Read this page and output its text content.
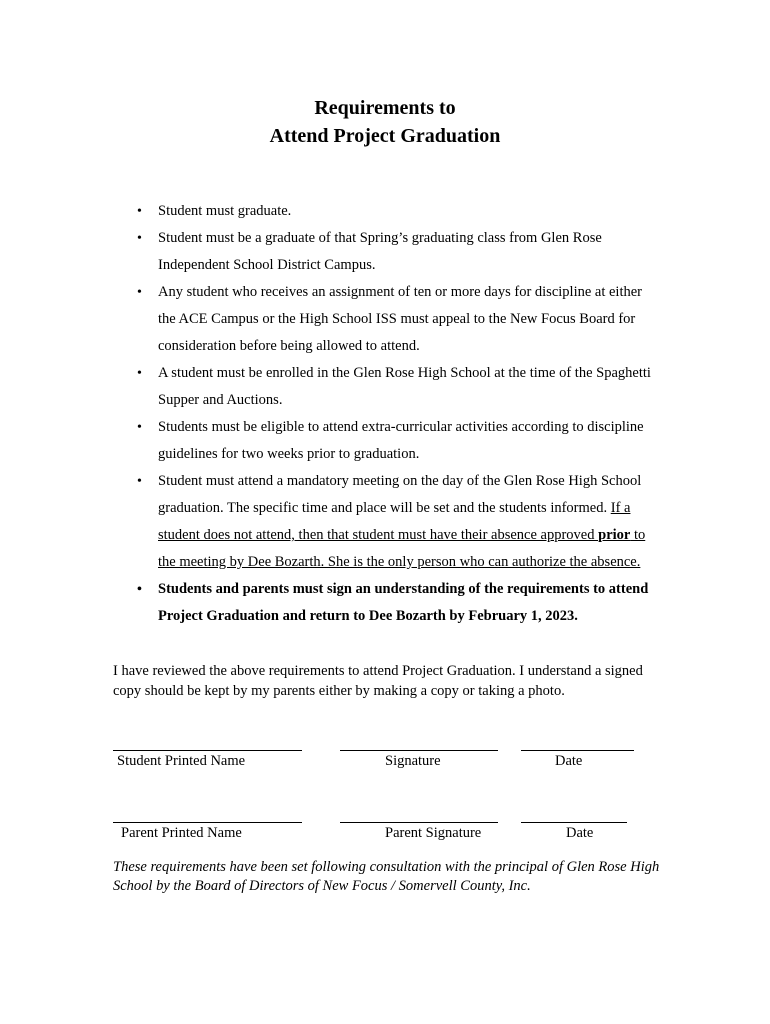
Requirements to
Attend Project Graduation
• Student must graduate.
• Student must be a graduate of that Spring’s graduating class from Glen Rose Independent School District Campus.
• Any student who receives an assignment of ten or more days for discipline at either the ACE Campus or the High School ISS must appeal to the New Focus Board for consideration before being allowed to attend.
• A student must be enrolled in the Glen Rose High School at the time of the Spaghetti Supper and Auctions.
• Students must be eligible to attend extra-curricular activities according to discipline guidelines for two weeks prior to graduation.
• Student must attend a mandatory meeting on the day of the Glen Rose High School graduation. The specific time and place will be set and the students informed. If a student does not attend, then that student must have their absence approved prior to the meeting by Dee Bozarth. She is the only person who can authorize the absence.
• Students and parents must sign an understanding of the requirements to attend Project Graduation and return to Dee Bozarth by February 1, 2023.

I have reviewed the above requirements to attend Project Graduation. I understand a signed copy should be kept by my parents either by making a copy or taking a photo.

Student Printed Name	Signature	Date
Parent Printed Name	Parent Signature	Date

These requirements have been set following consultation with the principal of Glen Rose High School by the Board of Directors of New Focus / Somervell County, Inc.
